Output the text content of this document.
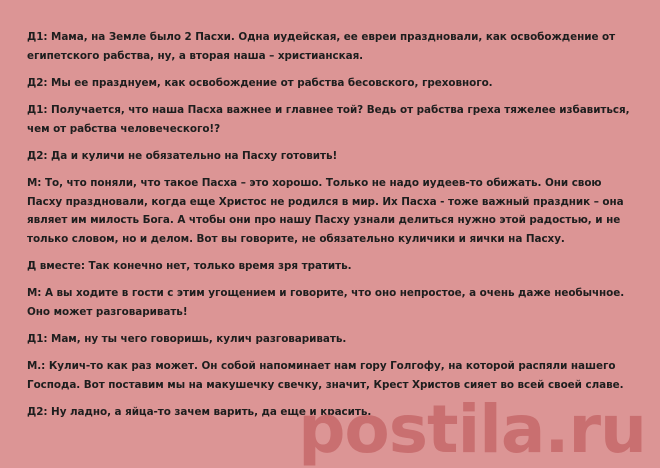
Д1: Мама, на Земле было 2 Пасхи. Одна иудейская, ее евреи праздновали, как освобождение от египетского рабства, ну, а вторая наша – христианская.

Д2: Мы ее празднуем, как освобождение от рабства бесовского, греховного.

Д1: Получается, что наша Пасха важнее и главнее той? Ведь от рабства греха тяжелее избавиться, чем от рабства человеческого!?

Д2: Да и куличи не обязательно на Пасху готовить!

М: То, что поняли, что такое Пасха – это хорошо. Только не надо иудеев-то обижать. Они свою Пасху праздновали, когда еще Христос не родился в мир. Их Пасха - тоже важный праздник – она являет им милость Бога. А чтобы они про нашу Пасху узнали делиться нужно этой радостью, и не только словом, но и делом. Вот вы говорите, не обязательно куличики и яички на Пасху.

Д вместе: Так конечно нет, только время зря тратить.

М: А вы ходите в гости с этим угощением и говорите, что оно непростое, а очень даже необычное. Оно может разговаривать!

Д1: Мам, ну ты чего говоришь, кулич разговаривать.

М.: Кулич-то как раз может. Он собой напоминает нам гору Голгофу, на которой распяли нашего Господа. Вот поставим мы на макушечку свечку, значит, Крест Христов сияет во всей своей славе.

Д2: Ну ладно, а яйца-то зачем варить, да еще и красить.

postila.ru
